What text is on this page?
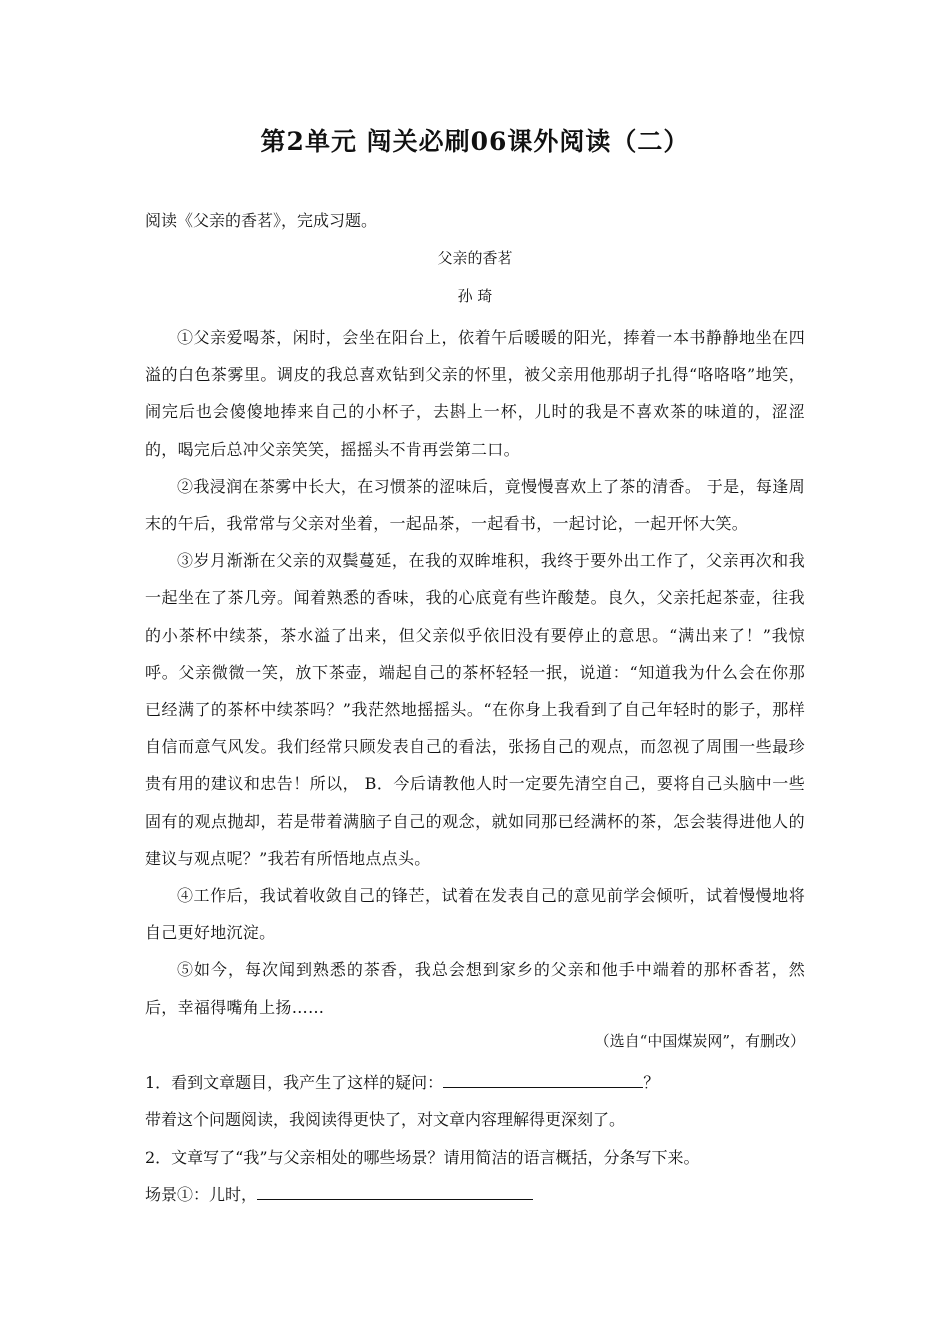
第2单元 闯关必刷06课外阅读（二）
阅读《父亲的香茗》，完成习题。
父亲的香茗
孙 琦

①父亲爱喝茶，闲时，会坐在阳台上，依着午后暖暖的阳光，捧着一本书静静地坐在四溢的白色茶雾里。调皮的我总喜欢钻到父亲的怀里，被父亲用他那胡子扎得“咯咯咯”地笑，闹完后也会傻傻地捧来自己的小杯子，去斟上一杯，儿时的我是不喜欢茶的味道的，涩涩的，喝完后总冲父亲笑笑，摇摇头不肯再尝第二口。

②我浸润在茶雾中长大，在习惯茶的涩味后，竟慢慢喜欢上了茶的清香。 于是，每逢周末的午后，我常常与父亲对坐着，一起品茶，一起看书，一起讨论，一起开怀大笑。

③岁月渐渐在父亲的双鬓蔓延，在我的双眸堆积，我终于要外出工作了，父亲再次和我一起坐在了茶几旁。闻着熟悉的香味，我的心底竟有些许酸楚。良久，父亲托起茶壶，往我的小茶杯中续茶，茶水溢了出来，但父亲似乎依旧没有要停止的意思。“满出来了！”我惊呼。父亲微微一笑，放下茶壶，端起自己的茶杯轻轻一抿，说道：“知道我为什么会在你那已经满了的茶杯中续茶吗？”我茫然地摇摇头。“在你身上我看到了自己年轻时的影子，那样自信而意气风发。我们经常只顾发表自己的看法，张扬自己的观点，而忽视了周围一些最珍贵有用的建议和忠告！所以， B．今后请教他人时一定要先清空自己，要将自己头脑中一些固有的观点抛却，若是带着满脑子自己的观念，就如同那已经满杯的茶，怎会装得进他人的建议与观点呢？”我若有所悟地点点头。

④工作后，我试着收敛自己的锋芒，试着在发表自己的意见前学会倾听，试着慢慢地将自己更好地沉淀。

⑤如今，每次闻到熟悉的茶香，我总会想到家乡的父亲和他手中端着的那杯香茗，然后，幸福得嘴角上扬……

（选自“中国煤炭网”，有删改）
1．看到文章题目，我产生了这样的疑问：	？
带着这个问题阅读，我阅读得更快了，对文章内容理解得更深刻了。
2．文章写了“我”与父亲相处的哪些场景？请用简洁的语言概括，分条写下来。
场景①：儿时，
